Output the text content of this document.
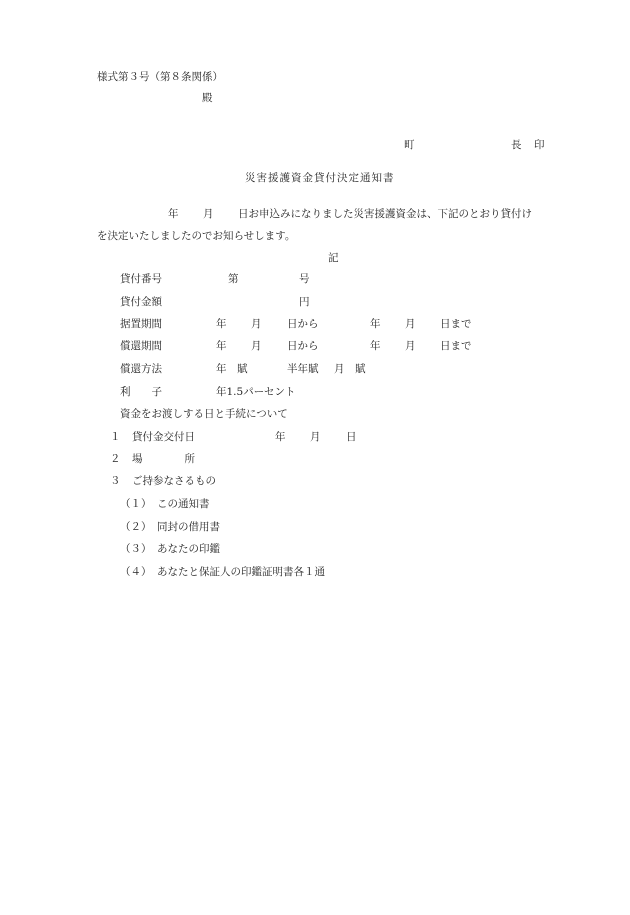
様式第３号（第８条関係）
殿
町	長 印
災害援護資金貸付決定通知書
年 月 日お申込みになりました災害援護資金は、下記のとおり貸付け
を決定いたしましたのでお知らせします。
記
貸付番号	第	号
貸付金額	円
据置期間	年 月 日から	年 月 日まで
償還期間	年 月 日から	年 月 日まで
償還方法	年　賦	半年賦 月　賦
利　　子	年1.5パーセント
資金をお渡しする日と手続について
１ 貸付金交付日	年 月 日
２ 場　　　　所
３ ご持参なさるもの
（１） この通知書
（２） 同封の借用書
（３） あなたの印鑑
（４） あなたと保証人の印鑑証明書各１通
